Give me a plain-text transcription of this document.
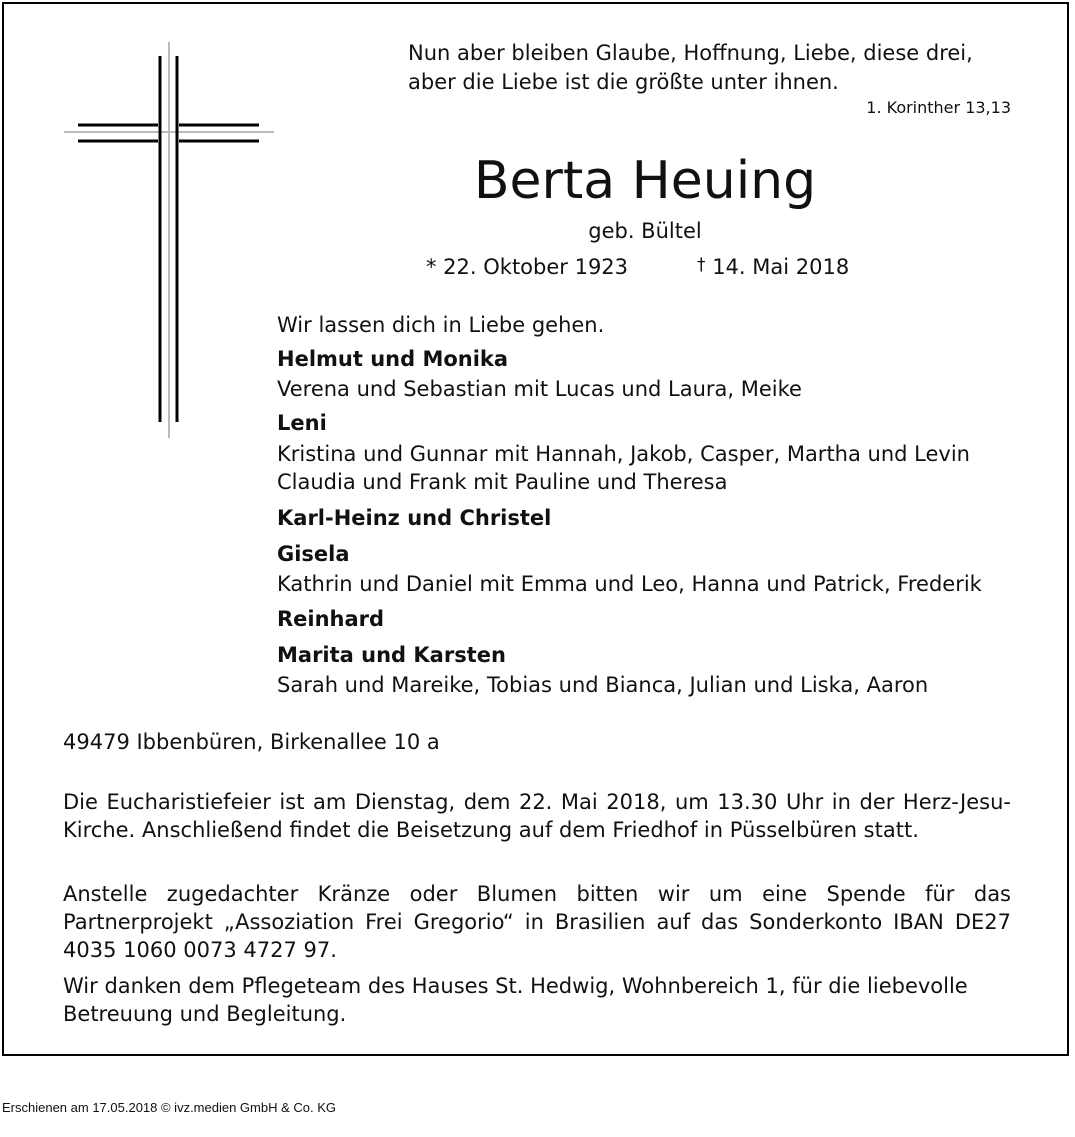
Nun aber bleiben Glaube, Hoffnung, Liebe, diese drei,
aber die Liebe ist die größte unter ihnen.
1. Korinther 13,13
Berta Heuing
geb. Bültel
* 22. Oktober 1923	† 14. Mai 2018
Wir lassen dich in Liebe gehen.
Helmut und Monika
Verena und Sebastian mit Lucas und Laura, Meike
Leni
Kristina und Gunnar mit Hannah, Jakob, Casper, Martha und Levin
Claudia und Frank mit Pauline und Theresa
Karl-Heinz und Christel
Gisela
Kathrin und Daniel mit Emma und Leo, Hanna und Patrick, Frederik
Reinhard
Marita und Karsten
Sarah und Mareike, Tobias und Bianca, Julian und Liska, Aaron
49479 Ibbenbüren, Birkenallee 10 a
Die Eucharistiefeier ist am Dienstag, dem 22. Mai 2018, um 13.30 Uhr in der Herz-Jesu-Kirche. Anschließend findet die Beisetzung auf dem Friedhof in Püsselbüren statt.
Anstelle zugedachter Kränze oder Blumen bitten wir um eine Spende für das Partnerprojekt „Assoziation Frei Gregorio“ in Brasilien auf das Sonderkonto IBAN DE27 4035 1060 0073 4727 97.
Wir danken dem Pflegeteam des Hauses St. Hedwig, Wohnbereich 1, für die liebevolle Betreuung und Begleitung.
Erschienen am 17.05.2018 © ivz.medien GmbH & Co. KG
